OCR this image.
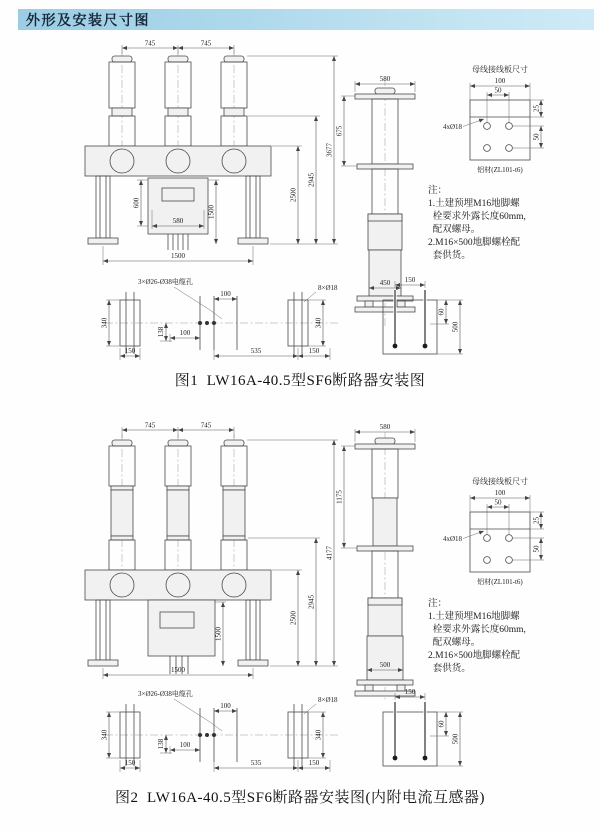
外形及安装尺寸图
745	745
2500
2945
3677
600
580
1500
1500
580
675
450
母线接线板尺寸
100
50
25
50
4xØ18
铝材(ZL101-t6)
3×Ø26-Ø38电缆孔
340
150
100
100
138
535	150
340
8×Ø18
150
60
500
注：
1.土建预埋M16地脚螺
栓要求外露长度60mm,
配双螺母。
2.M16×500地脚螺栓配
套供货。
图1  LW16A-40.5型SF6断路器安装图
745	745
2500
2945
4177
1500
1500
580
1175
500
母线接线板尺寸
100
50
25
50
4xØ18
铝材(ZL101-t6)
3×Ø26-Ø38电缆孔
340
150
100
100
138
535	150
340
8×Ø18
150
60
500
注：
1.土建预埋M16地脚螺
栓要求外露长度60mm,
配双螺母。
2.M16×500地脚螺栓配
套供货。
图2  LW16A-40.5型SF6断路器安装图(内附电流互感器)
